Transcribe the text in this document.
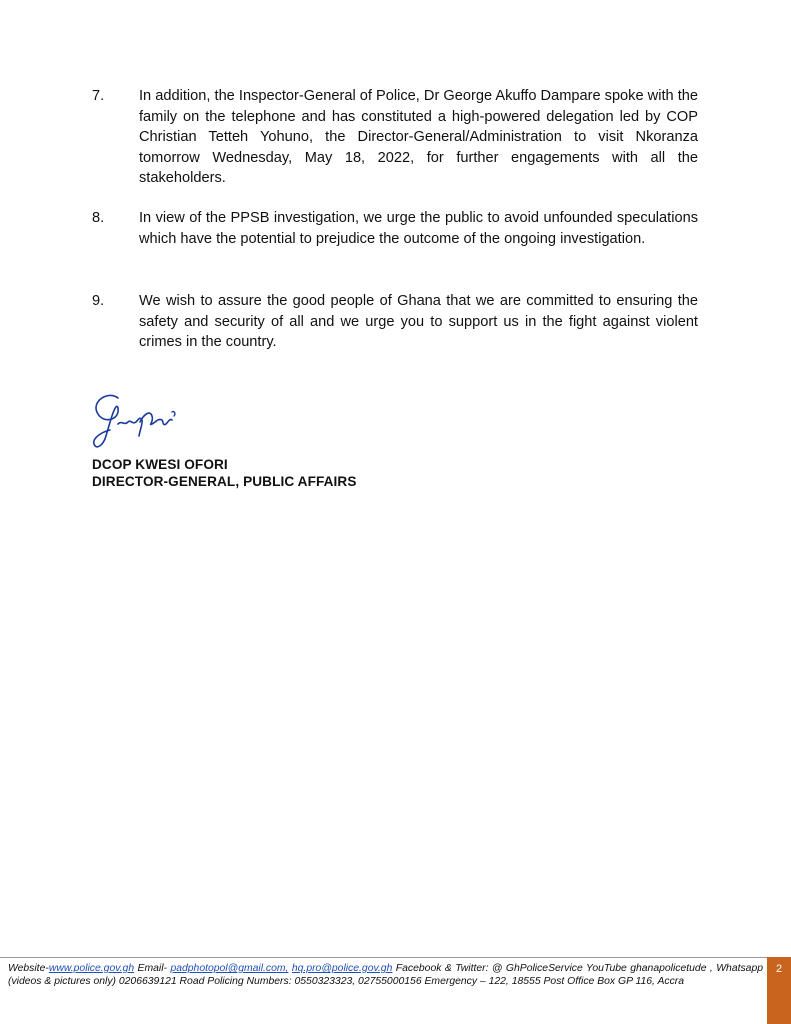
7.	In addition, the Inspector-General of Police, Dr George Akuffo Dampare spoke with the family on the telephone and has constituted a high-powered delegation led by COP Christian Tetteh Yohuno, the Director-General/Administration to visit Nkoranza tomorrow Wednesday, May 18, 2022, for further engagements with all the stakeholders.
8.	In view of the PPSB investigation, we urge the public to avoid unfounded speculations which have the potential to prejudice the outcome of the ongoing investigation.
9.	We wish to assure the good people of Ghana that we are committed to ensuring the safety and security of all and we urge you to support us in the fight against violent crimes in the country.
DCOP KWESI OFORI
DIRECTOR-GENERAL, PUBLIC AFFAIRS
Website-www.police.gov.gh Email- padphotopol@gmail.com, hq.pro@police.gov.gh Facebook & Twitter: @ GhPoliceService YouTube ghanapolicetude , Whatsapp (videos & pictures only) 0206639121 Road Policing Numbers: 0550323323, 02755000156 Emergency – 122, 18555 Post Office Box GP 116, Accra
2
